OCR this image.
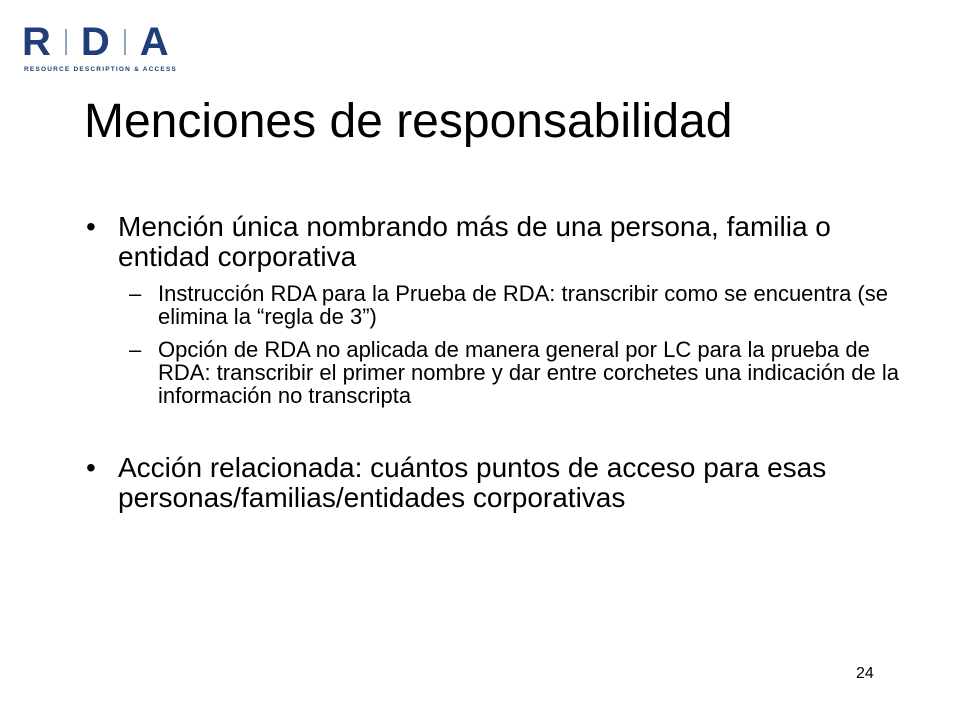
R D A
RESOURCE DESCRIPTION & ACCESS
Menciones de responsabilidad
• Mención única nombrando más de una persona, familia o entidad corporativa
– Instrucción RDA para la Prueba de RDA: transcribir como se encuentra (se elimina la “regla de 3”)
– Opción de RDA no aplicada de manera general por LC para la prueba de RDA: transcribir el primer nombre y dar entre corchetes una indicación de la información no transcripta
• Acción relacionada: cuántos puntos de acceso para esas personas/familias/entidades corporativas
24
